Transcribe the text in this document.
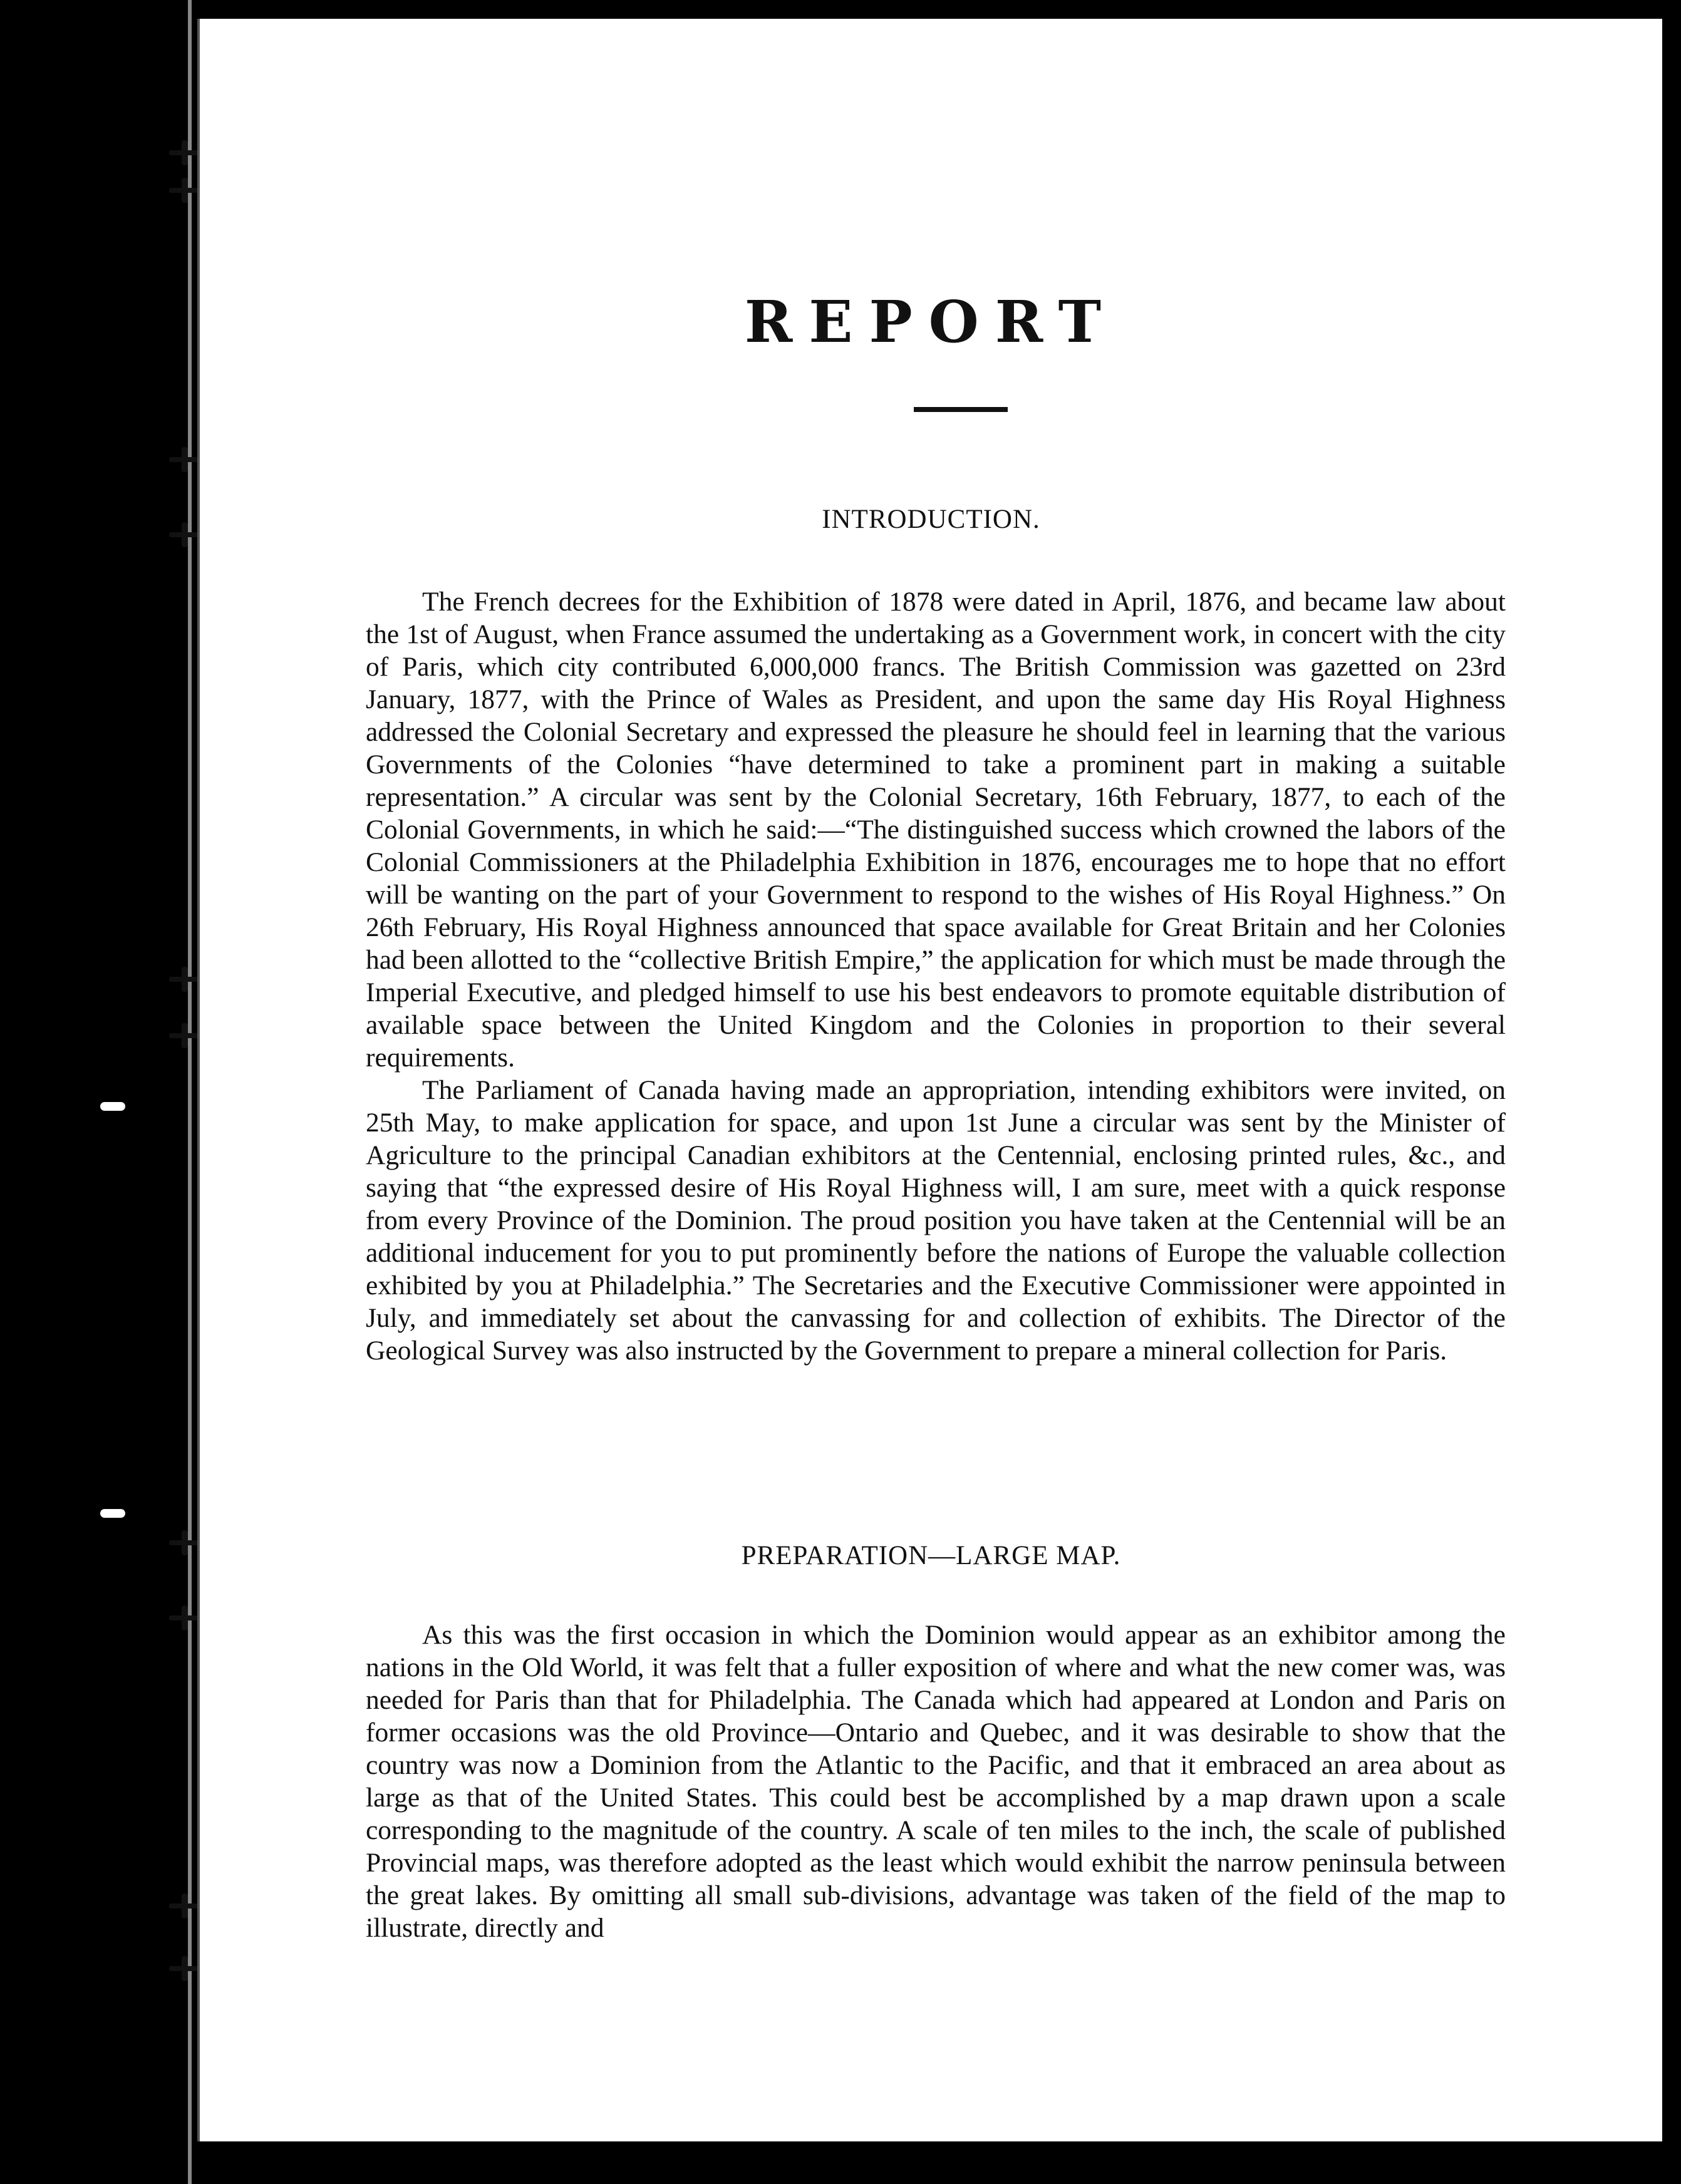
REPORT
INTRODUCTION.

The French decrees for the Exhibition of 1878 were dated in April, 1876, and became law about the 1st of August, when France assumed the undertaking as a Government work, in concert with the city of Paris, which city contributed 6,000,000 francs. The British Commission was gazetted on 23rd January, 1877, with the Prince of Wales as President, and upon the same day His Royal Highness addressed the Colonial Secretary and expressed the pleasure he should feel in learning that the various Governments of the Colonies “have determined to take a prominent part in making a suitable representation.” A circular was sent by the Colonial Secretary, 16th February, 1877, to each of the Colonial Governments, in which he said:—“The distinguished success which crowned the labors of the Colonial Commissioners at the Philadelphia Exhibition in 1876, encourages me to hope that no effort will be wanting on the part of your Government to respond to the wishes of His Royal Highness.” On 26th February, His Royal Highness announced that space available for Great Britain and her Colonies had been allotted to the “collective British Empire,” the application for which must be made through the Imperial Executive, and pledged himself to use his best endeavors to promote equitable distribution of available space between the United Kingdom and the Colonies in proportion to their several requirements.

The Parliament of Canada having made an appropriation, intending exhibitors were invited, on 25th May, to make application for space, and upon 1st June a circular was sent by the Minister of Agriculture to the principal Canadian exhibitors at the Centennial, enclosing printed rules, &c., and saying that “the expressed desire of His Royal Highness will, I am sure, meet with a quick response from every Province of the Dominion. The proud position you have taken at the Centennial will be an additional inducement for you to put prominently before the nations of Europe the valuable collection exhibited by you at Philadelphia.” The Secretaries and the Executive Commissioner were appointed in July, and immediately set about the canvassing for and collection of exhibits. The Director of the Geological Survey was also instructed by the Government to prepare a mineral collection for Paris.

PREPARATION—LARGE MAP.

As this was the first occasion in which the Dominion would appear as an exhibitor among the nations in the Old World, it was felt that a fuller exposition of where and what the new comer was, was needed for Paris than that for Philadelphia. The Canada which had appeared at London and Paris on former occasions was the old Province—Ontario and Quebec, and it was desirable to show that the country was now a Dominion from the Atlantic to the Pacific, and that it embraced an area about as large as that of the United States. This could best be accomplished by a map drawn upon a scale corresponding to the magnitude of the country. A scale of ten miles to the inch, the scale of published Provincial maps, was therefore adopted as the least which would exhibit the narrow peninsula between the great lakes. By omitting all small sub-divisions, advantage was taken of the field of the map to illustrate, directly and
